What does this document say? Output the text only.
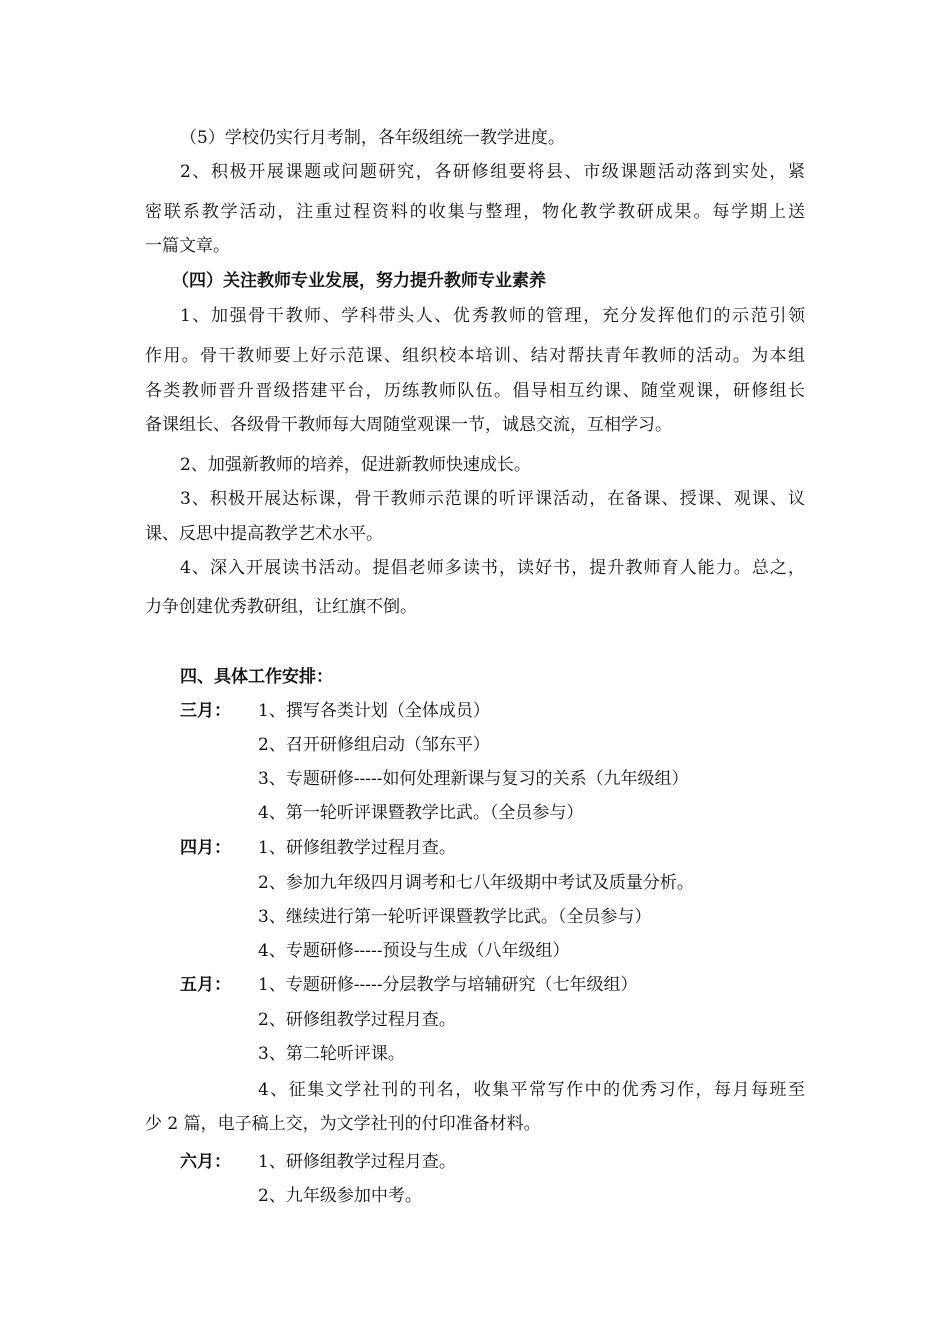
（5）学校仍实行月考制，各年级组统一教学进度。

2、积极开展课题或问题研究，各研修组要将县、市级课题活动落到实处，紧

密联系教学活动，注重过程资料的收集与整理，物化教学教研成果。每学期上送

一篇文章。

（四）关注教师专业发展，努力提升教师专业素养

1、加强骨干教师、学科带头人、优秀教师的管理，充分发挥他们的示范引领

作用。骨干教师要上好示范课、组织校本培训、结对帮扶青年教师的活动。为本组

各类教师晋升晋级搭建平台，历练教师队伍。倡导相互约课、随堂观课，研修组长

备课组长、各级骨干教师每大周随堂观课一节，诚恳交流，互相学习。

2、加强新教师的培养，促进新教师快速成长。

3、积极开展达标课，骨干教师示范课的听评课活动，在备课、授课、观课、议

课、反思中提高教学艺术水平。

4、深入开展读书活动。提倡老师多读书，读好书，提升教师育人能力。总之，

力争创建优秀教研组，让红旗不倒。

四、具体工作安排：

三月： 1、撰写各类计划（全体成员）
2、召开研修组启动（邹东平）
3、专题研修-----如何处理新课与复习的关系（九年级组）
4、第一轮听评课暨教学比武。（全员参与）
四月： 1、研修组教学过程月查。
2、参加九年级四月调考和七八年级期中考试及质量分析。
3、继续进行第一轮听评课暨教学比武。（全员参与）
4、专题研修-----预设与生成（八年级组）
五月： 1、专题研修-----分层教学与培辅研究（七年级组）
2、研修组教学过程月查。
3、第二轮听评课。

4、征集文学社刊的刊名，收集平常写作中的优秀习作，每月每班至

少 2 篇，电子稿上交，为文学社刊的付印准备材料。

六月： 1、研修组教学过程月查。
2、九年级参加中考。
